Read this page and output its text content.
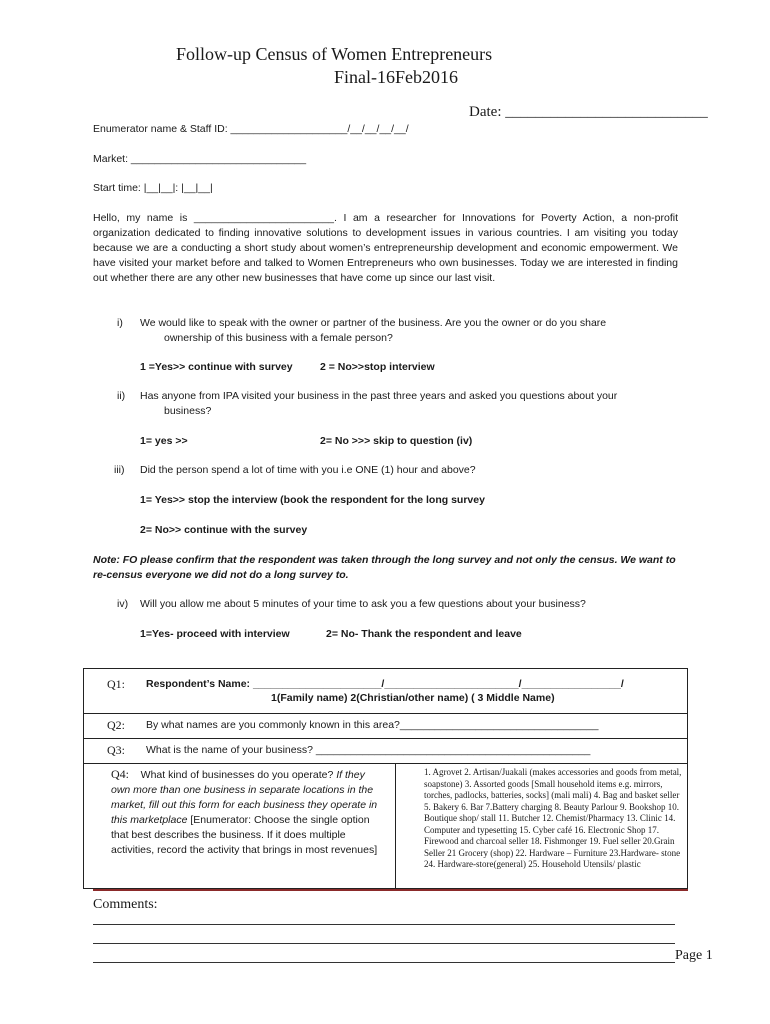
Follow-up Census of Women Entrepreneurs
Final-16Feb2016
Date: ___________________________
Enumerator name & Staff ID: ____________________/__/__/__/__/
Market: ______________________________
Start time: |__|__|: |__|__|
Hello, my name is ________________________. I am a researcher for Innovations for Poverty Action, a non-profit organization dedicated to finding innovative solutions to development issues in various countries. I am visiting you today because we are a conducting a short study about women’s entrepreneurship development and economic empowerment. We have visited your market before and talked to Women Entrepreneurs who own businesses. Today we are interested in finding out whether there are any other new businesses that have come up since our last visit.
i) We would like to speak with the owner or partner of the business. Are you the owner or do you share
ownership of this business with a female person?
1 =Yes>> continue with survey	2 = No>>stop interview
ii) Has anyone from IPA visited your business in the past three years and asked you questions about your
business?
1= yes >>	2= No >>> skip to question (iv)
iii) Did the person spend a lot of time with you i.e ONE (1) hour and above?
1= Yes>> stop the interview (book the respondent for the long survey
2= No>> continue with the survey
Note: FO please confirm that the respondent was taken through the long survey and not only the census. We want to re-census everyone we did not do a long survey to.
iv) Will you allow me about 5 minutes of your time to ask you a few questions about your business?
1=Yes- proceed with interview	2= No- Thank the respondent and leave
Q1: Respondent’s Name: ______________________/_______________________/_________________/
1(Family name) 2(Christian/other name) ( 3 Middle Name)
Q2: By what names are you commonly known in this area?__________________________________
Q3: What is the name of your business? _______________________________________________
Q4: What kind of businesses do you operate? If they own more than one business in separate locations in the market, fill out this form for each business they operate in this marketplace [Enumerator: Choose the single option that best describes the business. If it does multiple activities, record the activity that brings in most revenues]
1. Agrovet 2. Artisan/Juakali (makes accessories and goods from metal, soapstone) 3. Assorted goods [Small household items e.g. mirrors, torches, padlocks, batteries, socks] (mali mali) 4. Bag and basket seller 5. Bakery 6. Bar 7.Battery charging 8. Beauty Parlour 9. Bookshop 10. Boutique shop/ stall 11. Butcher 12. Chemist/Pharmacy 13. Clinic 14. Computer and typesetting 15. Cyber café 16. Electronic Shop 17. Firewood and charcoal seller 18. Fishmonger 19. Fuel seller 20.Grain Seller 21 Grocery (shop) 22. Hardware – Furniture 23.Hardware- stone 24. Hardware-store(general) 25. Household Utensils/ plastic
Comments:
Page 1
